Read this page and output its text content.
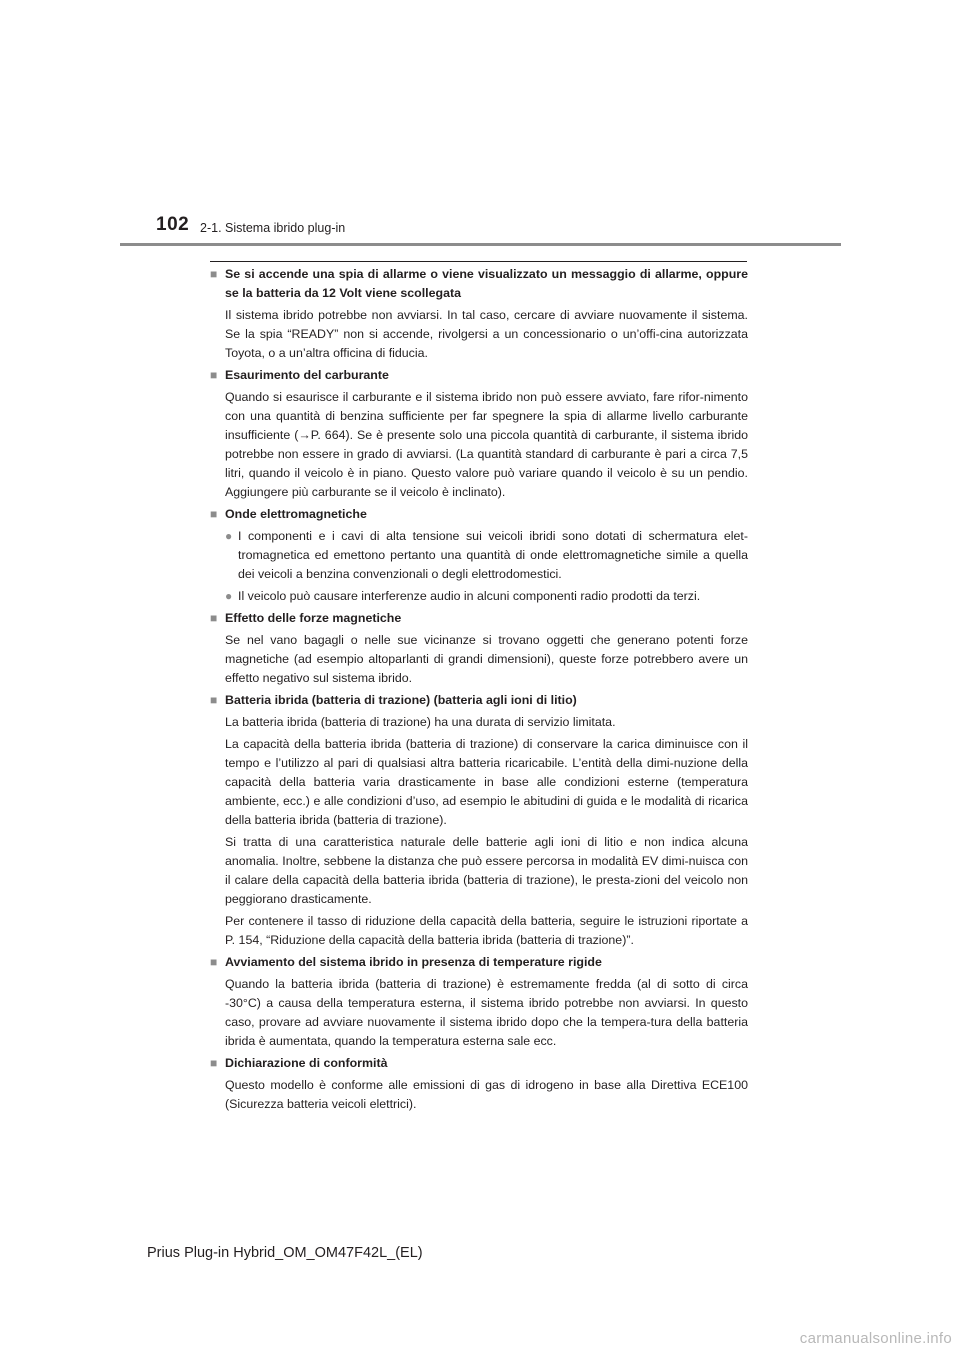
102 2-1. Sistema ibrido plug-in
■ Se si accende una spia di allarme o viene visualizzato un messaggio di allarme, oppure se la batteria da 12 Volt viene scollegata
Il sistema ibrido potrebbe non avviarsi. In tal caso, cercare di avviare nuovamente il sistema. Se la spia “READY” non si accende, rivolgersi a un concessionario o un’offi-cina autorizzata Toyota, o a un’altra officina di fiducia.
■ Esaurimento del carburante
Quando si esaurisce il carburante e il sistema ibrido non può essere avviato, fare rifor-nimento con una quantità di benzina sufficiente per far spegnere la spia di allarme livello carburante insufficiente (→P. 664). Se è presente solo una piccola quantità di carburante, il sistema ibrido potrebbe non essere in grado di avviarsi. (La quantità standard di carburante è pari a circa 7,5 litri, quando il veicolo è in piano. Questo valore può variare quando il veicolo è su un pendio. Aggiungere più carburante se il veicolo è inclinato).
■ Onde elettromagnetiche
● I componenti e i cavi di alta tensione sui veicoli ibridi sono dotati di schermatura elet-tromagnetica ed emettono pertanto una quantità di onde elettromagnetiche simile a quella dei veicoli a benzina convenzionali o degli elettrodomestici.
● Il veicolo può causare interferenze audio in alcuni componenti radio prodotti da terzi.
■ Effetto delle forze magnetiche
Se nel vano bagagli o nelle sue vicinanze si trovano oggetti che generano potenti forze magnetiche (ad esempio altoparlanti di grandi dimensioni), queste forze potrebbero avere un effetto negativo sul sistema ibrido.
■ Batteria ibrida (batteria di trazione) (batteria agli ioni di litio)
La batteria ibrida (batteria di trazione) ha una durata di servizio limitata.
La capacità della batteria ibrida (batteria di trazione) di conservare la carica diminuisce con il tempo e l’utilizzo al pari di qualsiasi altra batteria ricaricabile. L’entità della dimi-nuzione della capacità della batteria varia drasticamente in base alle condizioni esterne (temperatura ambiente, ecc.) e alle condizioni d’uso, ad esempio le abitudini di guida e le modalità di ricarica della batteria ibrida (batteria di trazione).
Si tratta di una caratteristica naturale delle batterie agli ioni di litio e non indica alcuna anomalia. Inoltre, sebbene la distanza che può essere percorsa in modalità EV dimi-nuisca con il calare della capacità della batteria ibrida (batteria di trazione), le presta-zioni del veicolo non peggiorano drasticamente.
Per contenere il tasso di riduzione della capacità della batteria, seguire le istruzioni riportate a P. 154, “Riduzione della capacità della batteria ibrida (batteria di trazione)”.
■ Avviamento del sistema ibrido in presenza di temperature rigide
Quando la batteria ibrida (batteria di trazione) è estremamente fredda (al di sotto di circa -30°C) a causa della temperatura esterna, il sistema ibrido potrebbe non avviarsi. In questo caso, provare ad avviare nuovamente il sistema ibrido dopo che la tempera-tura della batteria ibrida è aumentata, quando la temperatura esterna sale ecc.
■ Dichiarazione di conformità
Questo modello è conforme alle emissioni di gas di idrogeno in base alla Direttiva ECE100 (Sicurezza batteria veicoli elettrici).
Prius Plug-in Hybrid_OM_OM47F42L_(EL)
carmanualsonline.info
